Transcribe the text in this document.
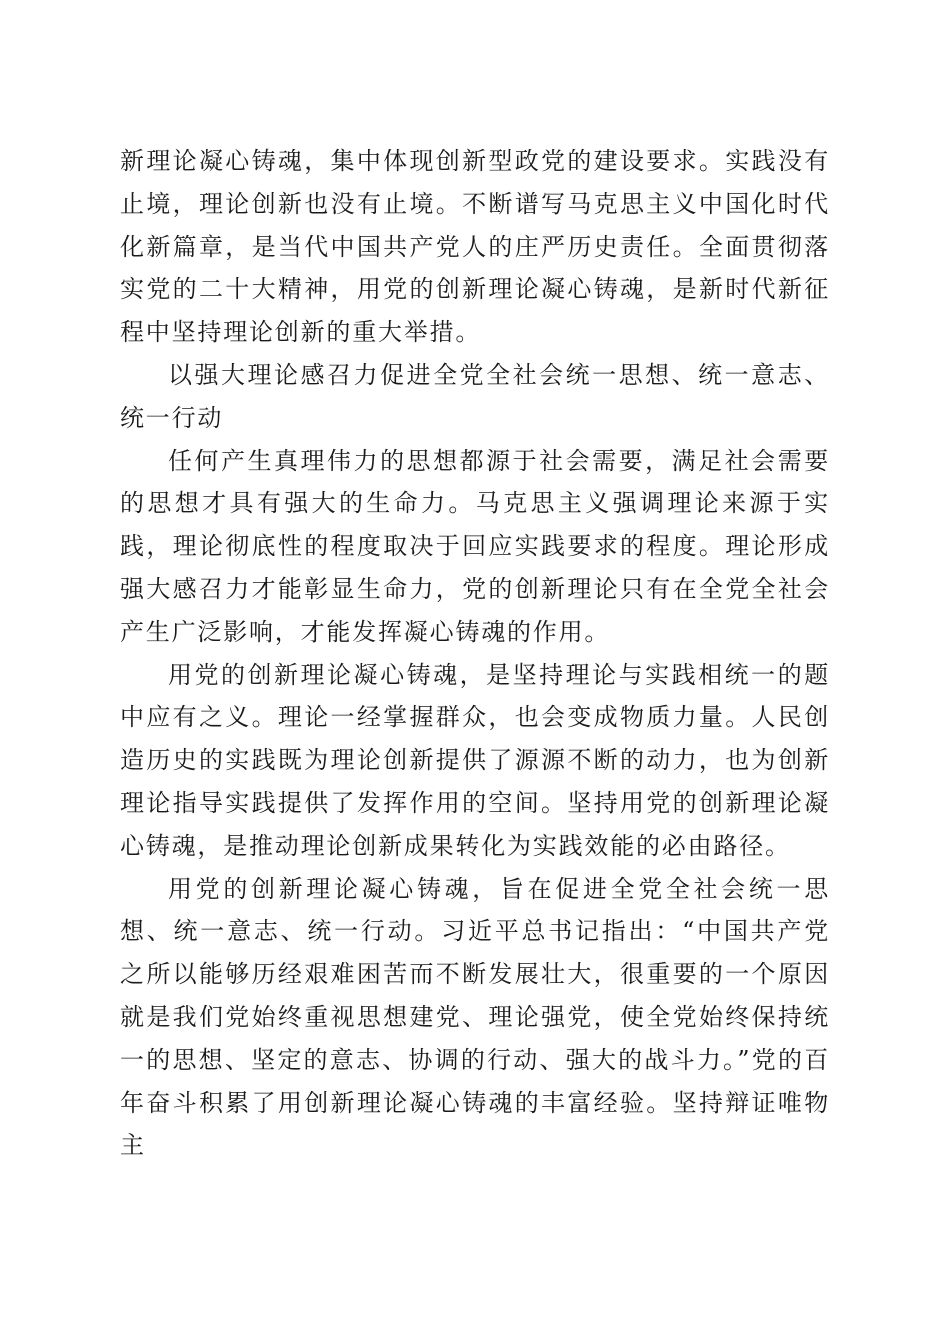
新理论凝心铸魂，集中体现创新型政党的建设要求。实践没有止境，理论创新也没有止境。不断谱写马克思主义中国化时代化新篇章，是当代中国共产党人的庄严历史责任。全面贯彻落实党的二十大精神，用党的创新理论凝心铸魂，是新时代新征程中坚持理论创新的重大举措。

以强大理论感召力促进全党全社会统一思想、统一意志、统一行动

任何产生真理伟力的思想都源于社会需要，满足社会需要的思想才具有强大的生命力。马克思主义强调理论来源于实践，理论彻底性的程度取决于回应实践要求的程度。理论形成强大感召力才能彰显生命力，党的创新理论只有在全党全社会产生广泛影响，才能发挥凝心铸魂的作用。

用党的创新理论凝心铸魂，是坚持理论与实践相统一的题中应有之义。理论一经掌握群众，也会变成物质力量。人民创造历史的实践既为理论创新提供了源源不断的动力，也为创新理论指导实践提供了发挥作用的空间。坚持用党的创新理论凝心铸魂，是推动理论创新成果转化为实践效能的必由路径。

用党的创新理论凝心铸魂，旨在促进全党全社会统一思想、统一意志、统一行动。习近平总书记指出：“中国共产党之所以能够历经艰难困苦而不断发展壮大，很重要的一个原因就是我们党始终重视思想建党、理论强党，使全党始终保持统一的思想、坚定的意志、协调的行动、强大的战斗力。”党的百年奋斗积累了用创新理论凝心铸魂的丰富经验。坚持辩证唯物主
